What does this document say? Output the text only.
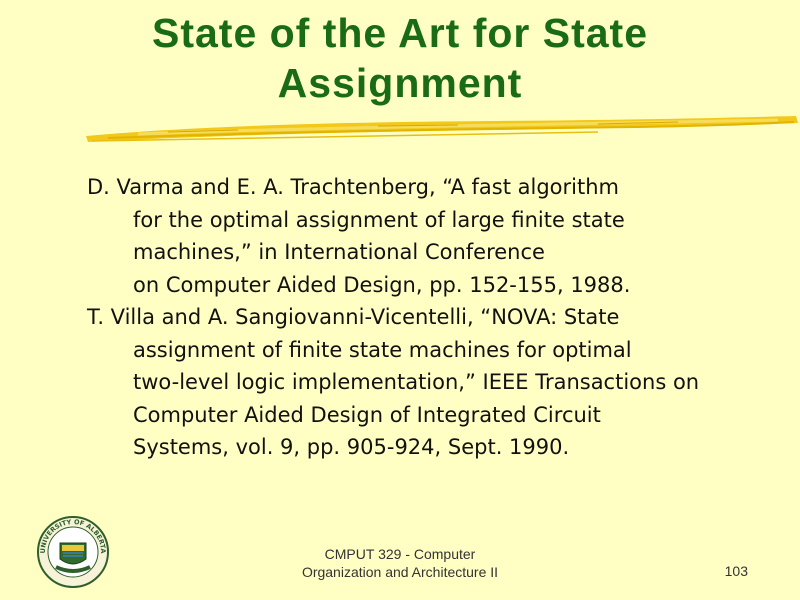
State of the Art for State
Assignment
D. Varma and E. A. Trachtenberg, “A fast algorithm
for the optimal assignment of large finite state
machines,” in International Conference
on Computer Aided Design, pp. 152-155, 1988.
T. Villa and A. Sangiovanni-Vicentelli, “NOVA: State
assignment of finite state machines for optimal
two-level logic implementation,” IEEE Transactions on
Computer Aided Design of Integrated Circuit
Systems, vol. 9, pp. 905-924, Sept. 1990.
UNIVERSITY OF ALBERTA	CMPUT 329 - Computer
Organization and Architecture II	103
